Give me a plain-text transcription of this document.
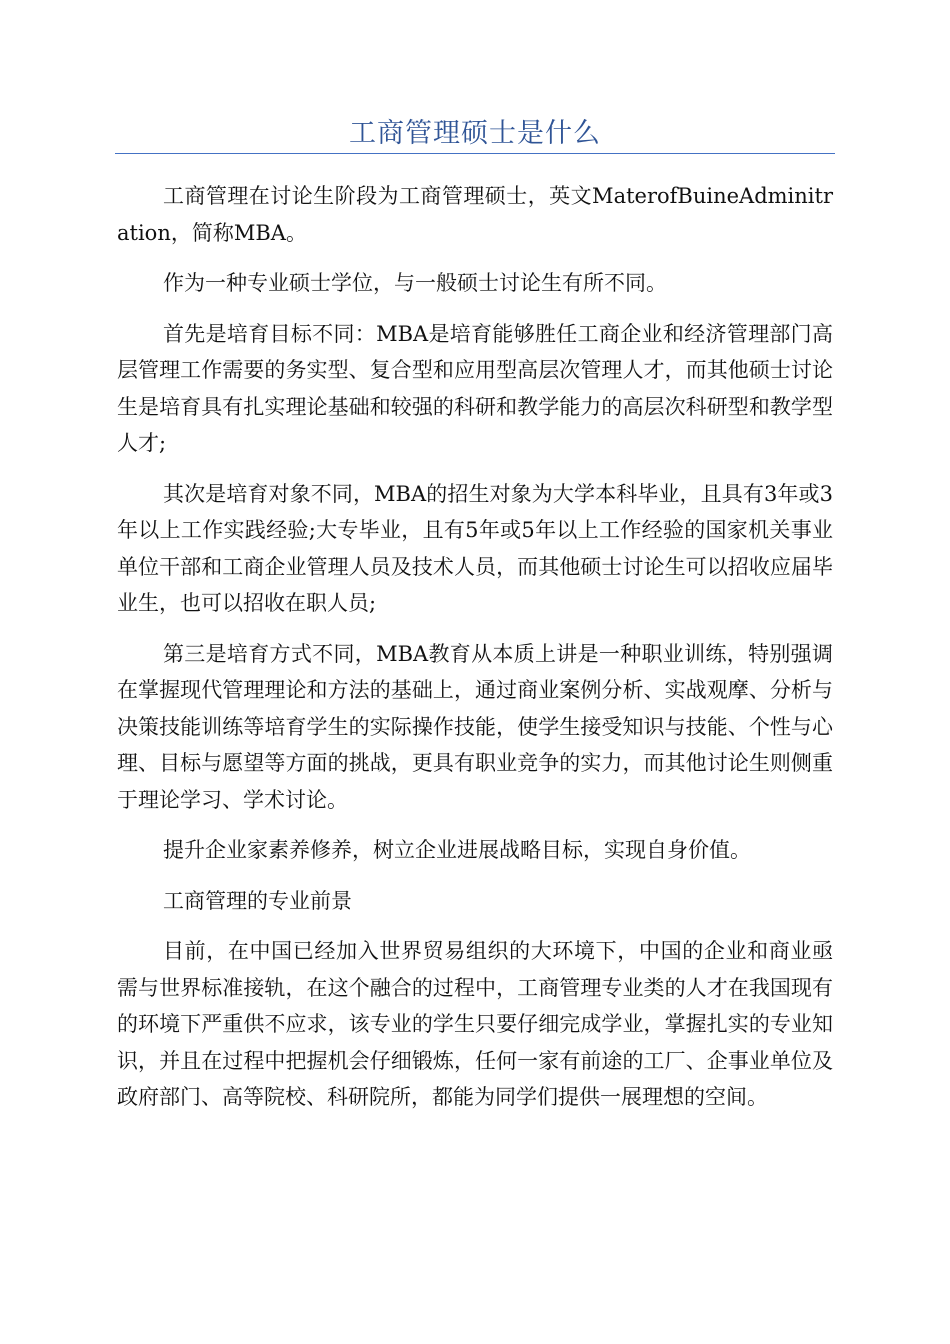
工商管理硕士是什么

工商管理在讨论生阶段为工商管理硕士，英文MaterofBuineAdminitration，简称MBA。

作为一种专业硕士学位，与一般硕士讨论生有所不同。

首先是培育目标不同：MBA是培育能够胜任工商企业和经济管理部门高层管理工作需要的务实型、复合型和应用型高层次管理人才，而其他硕士讨论生是培育具有扎实理论基础和较强的科研和教学能力的高层次科研型和教学型人才;

其次是培育对象不同，MBA的招生对象为大学本科毕业，且具有3年或3年以上工作实践经验;大专毕业，且有5年或5年以上工作经验的国家机关事业单位干部和工商企业管理人员及技术人员，而其他硕士讨论生可以招收应届毕业生，也可以招收在职人员;

第三是培育方式不同，MBA教育从本质上讲是一种职业训练，特别强调在掌握现代管理理论和方法的基础上，通过商业案例分析、实战观摩、分析与决策技能训练等培育学生的实际操作技能，使学生接受知识与技能、个性与心理、目标与愿望等方面的挑战，更具有职业竞争的实力，而其他讨论生则侧重于理论学习、学术讨论。

提升企业家素养修养，树立企业进展战略目标，实现自身价值。

工商管理的专业前景

目前，在中国已经加入世界贸易组织的大环境下，中国的企业和商业亟需与世界标准接轨，在这个融合的过程中，工商管理专业类的人才在我国现有的环境下严重供不应求，该专业的学生只要仔细完成学业，掌握扎实的专业知识，并且在过程中把握机会仔细锻炼，任何一家有前途的工厂、企事业单位及政府部门、高等院校、科研院所，都能为同学们提供一展理想的空间。
